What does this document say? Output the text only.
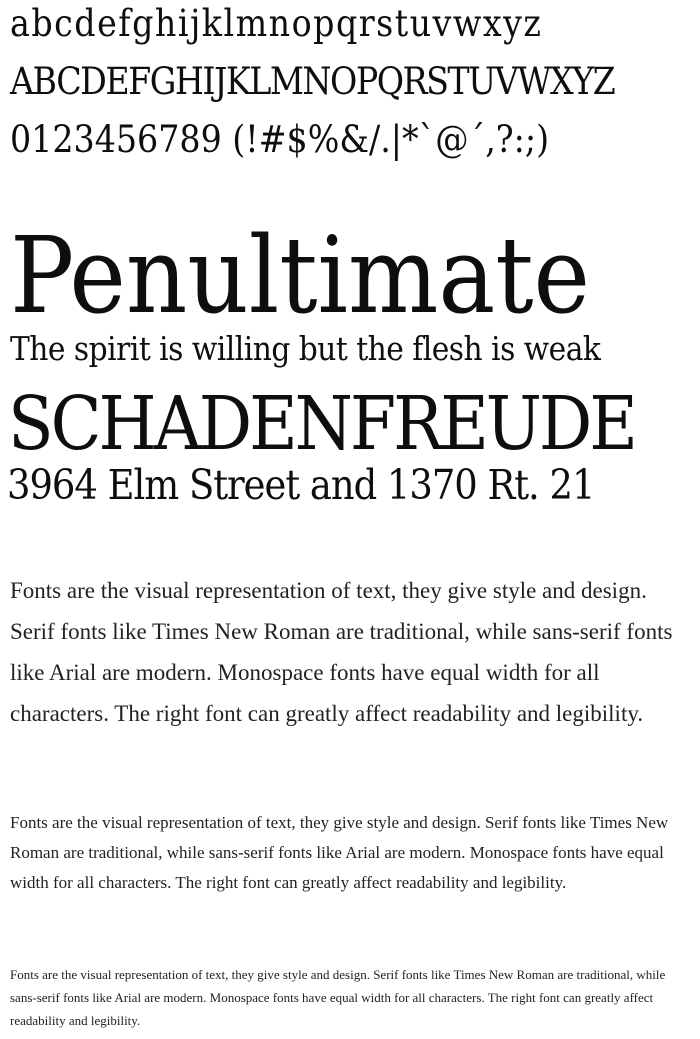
abcdefghijklmnopqrstuvwxyz
ABCDEFGHIJKLMNOPQRSTUVWXYZ
0123456789 (!#$%&/.|*`@´,?:;)
Penultimate
The spirit is willing but the flesh is weak
SCHADENFREUDE
3964 Elm Street and 1370 Rt. 21
Fonts are the visual representation of text, they give style and design. Serif fonts like Times New Roman are traditional, while sans-serif fonts like Arial are modern. Monospace fonts have equal width for all characters. The right font can greatly affect readability and legibility.
Fonts are the visual representation of text, they give style and design. Serif fonts like Times New Roman are traditional, while sans-serif fonts like Arial are modern. Monospace fonts have equal width for all characters. The right font can greatly affect readability and legibility.
Fonts are the visual representation of text, they give style and design. Serif fonts like Times New Roman are traditional, while sans-serif fonts like Arial are modern. Monospace fonts have equal width for all characters. The right font can greatly affect readability and legibility.
